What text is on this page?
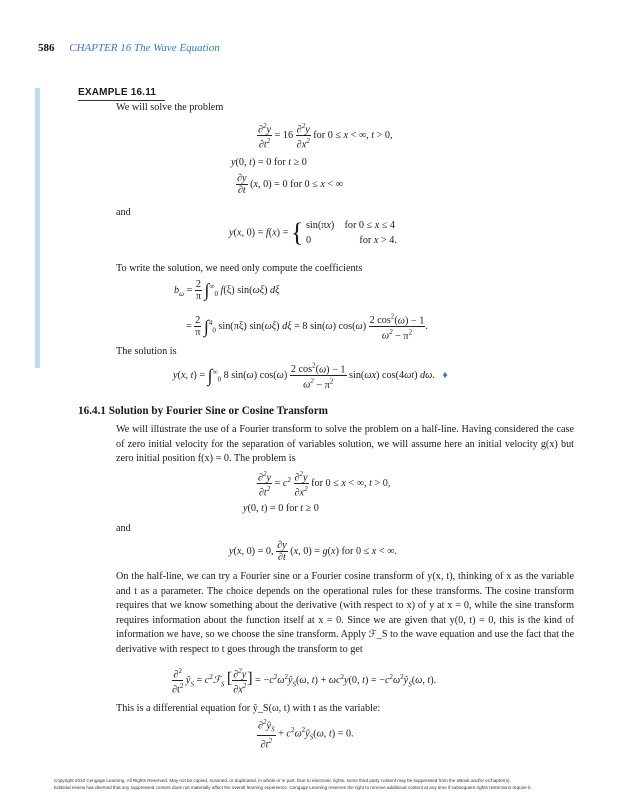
586 CHAPTER 16 The Wave Equation
EXAMPLE 16.11
We will solve the problem
$\frac{\partial^2y}{\partial t^2} = 16 \frac{\partial^2y}{\partial x^2}$ for 0 ≤ x < ∞, t > 0,
y(0, t) = 0 for t ≥ 0
$\frac{\partial y}{\partial t} (x$, 0) = 0 for 0 ≤ x < ∞
and
y(x, 0) = f(x) = { sin(πx)    for 0 ≤ x ≤ 4
0                   for x > 4.
To write the solution, we need only compute the coefficients
$b_\omega = \frac{2}{\pi} \int^\infty_0$ f(ξ) sin(ωξ) dξ
= $\frac{2}{\pi} \int^4_0$ sin(πξ) sin(ωξ) dξ = 8 sin(ω) $\cos(\omega) \frac{2 \cos^2(\omega) - 1}{\omega^2 - \pi^2}$ .
The solution is
y(x, $t) = \int^\infty_0$ 8 sin(ω) $\cos(\omega) \frac{2 \cos^2(\omega) - 1}{\omega^2 - \pi^2} \sin(\omega x)$ cos(4ωt) dω.   ♦
16.4.1 Solution by Fourier Sine or Cosine Transform
We will illustrate the use of a Fourier transform to solve the problem on a half-line. Having considered the case of zero initial velocity for the separation of variables solution, we will assume here an initial velocity g(x) but zero initial position f(x) = 0. The problem is
$\frac{\partial^2y}{\partial t^2} = c^2 \frac{\partial^2y}{\partial x^2}$ for 0 ≤ x < ∞, t > 0,
y(0, t) = 0 for t ≥ 0
and
y(x, 0) = 0, $\frac{\partial y}{\partial t} (x$, 0) = g(x) for 0 ≤ x < ∞.
On the half-line, we can try a Fourier sine or a Fourier cosine transform of y(x, t), thinking of x as the variable and t as a parameter. The choice depends on the operational rules for these transforms. The cosine transform requires that we know something about the derivative (with respect to x) of y at x = 0, while the sine transform requires information about the function itself at x = 0. Since we are given that y(0, t) = 0, this is the kind of information we have, so we choose the sine transform. Apply ℱ_S to the wave equation and use the fact that the derivative with respect to t goes through the transform to get
$\frac{\partial^2}{\partial t^2}$ $ŷ_S$ = $c^2ℱ_S$ [ $\frac{\partial^2y}{\partial x^2}$ ] = $-c^2\omega^2ŷ_S(\omega$, $t) + \omega c^2y(0$, $t) = -c^2\omega^2ŷ_S(\omega$, t).
This is a differential equation for ŷ_S(ω, t) with t as the variable:
$\frac{\partial^2ŷ_S}{\partial t^2}$ + $c^2\omega^2ŷ_S(\omega$, t) = 0.
Copyright 2010 Cengage Learning. All Rights Reserved. May not be copied, scanned, or duplicated, in whole or in part. Due to electronic rights, some third party content may be suppressed from the eBook and/or eChapter(s).
Editorial review has deemed that any suppressed content does not materially affect the overall learning experience. Cengage Learning reserves the right to remove additional content at any time if subsequent rights restrictions require it.
